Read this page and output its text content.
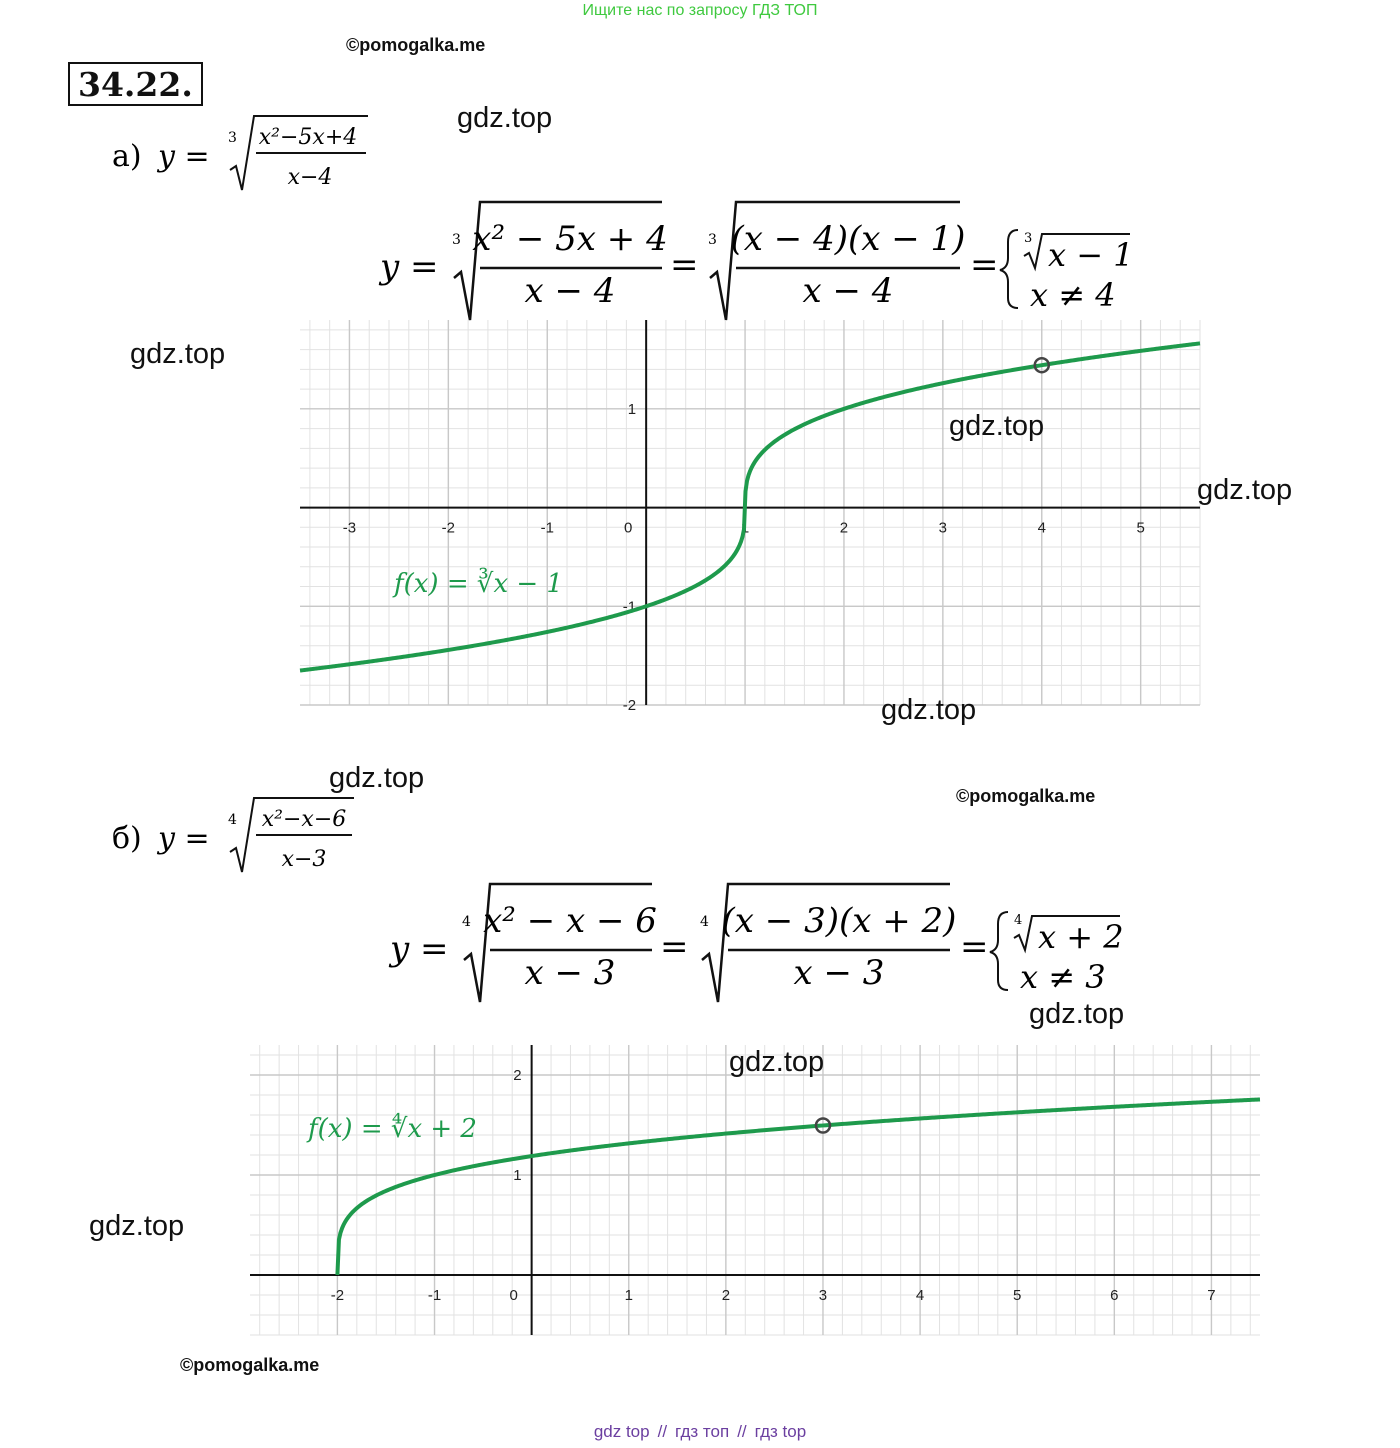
Ищите нас по запросу ГДЗ ТОП
©pomogalka.me
©pomogalka.me
©pomogalka.me
34.22.
а) y =
3 x²−5x+4
x−4
y =
3 x² − 5x + 4
x − 4
=
3 (x − 4)(x − 1)
x − 4
=
3 x − 1
x ≠ 4
-3	-2	-1	0	1	2	3	4	5
1
-1
-2
f(x) = ∛x − 1
б) y =
4 x²−x−6
x−3
y =
4 x² − x − 6
x − 3
=
4 (x − 3)(x + 2)
x − 3
=
4 x + 2
x ≠ 3
-2	-1	0	1	2	3	4	5	6	7
2
1
f(x) = ∜x + 2
gdz.top
gdz.top
gdz.top
gdz.top
gdz.top
gdz.top
gdz.top
gdz.top
gdz.top
gdz top // гдз топ // гдз top
